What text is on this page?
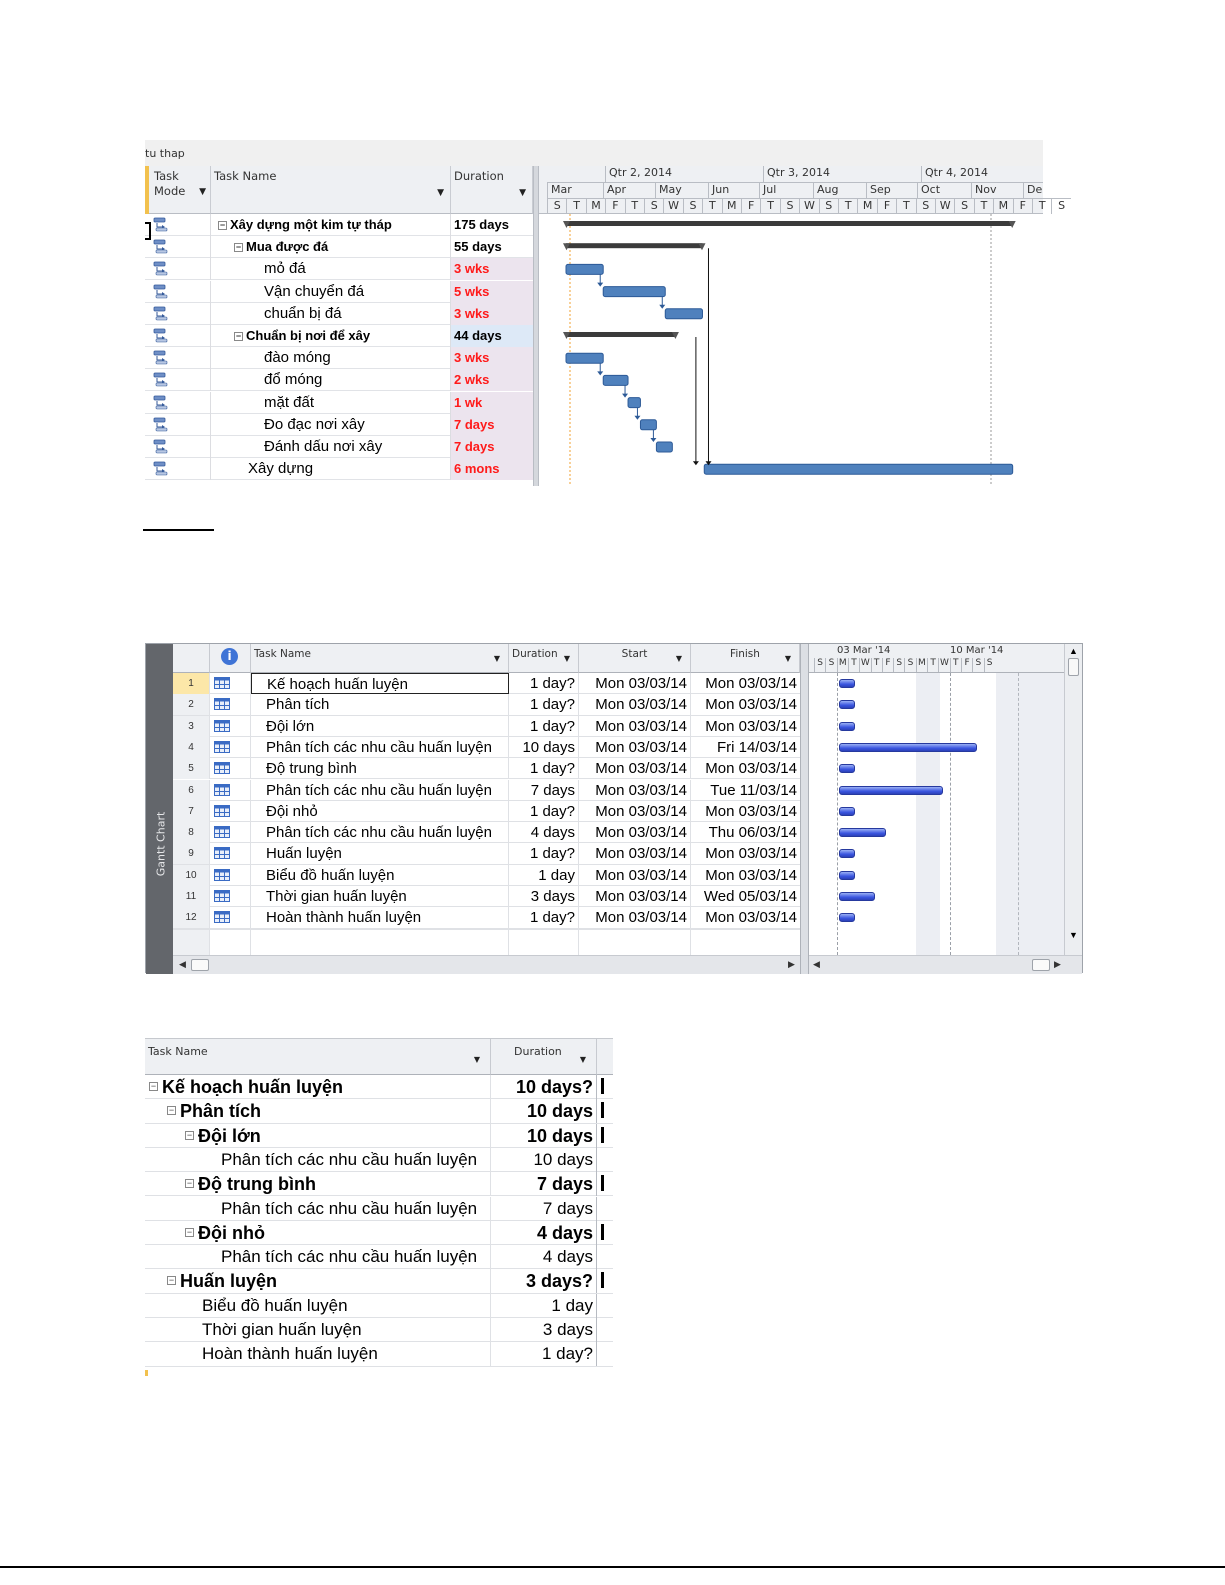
tu thap
Task Mode	▼
Task Name
▼
Duration
▼
− Xây dựng một kim tự tháp	175 days
− Mua được đá	55 days
mỏ đá	3 wks
Vận chuyển đá	5 wks
chuẩn bị đá	3 wks
− Chuẩn bị nơi để xây	44 days
đào móng	3 wks
đổ móng	2 wks
mặt đất	1 wk
Đo đạc nơi xây	7 days
Đánh dấu nơi xây	7 days
Xây dựng	6 mons
Qtr 2, 2014	Qtr 3, 2014	Qtr 4, 2014
Mar	Apr	May	Jun	Jul	Aug	Sep	Oct	Nov	De
S	T	M	F	T	S W S	T	M	F	T	S W S	T	M	F	T	S W S	T	M	F	T	S
Gantt Chart
i	Task Name	▼ Duration ▼	Start	▼	Finish	▼
1	Kế hoạch huấn luyện	1 day?	Mon 03/03/14	Mon 03/03/14
2	Phân tích	1 day?	Mon 03/03/14	Mon 03/03/14
3	Đội lớn	1 day?	Mon 03/03/14	Mon 03/03/14
4	Phân tích các nhu cầu huấn luyện	10 days	Mon 03/03/14	Fri 14/03/14
5	Độ trung bình	1 day?	Mon 03/03/14	Mon 03/03/14
6	Phân tích các nhu cầu huấn luyện	7 days	Mon 03/03/14	Tue 11/03/14
7	Đội nhỏ	1 day?	Mon 03/03/14	Mon 03/03/14
8	Phân tích các nhu cầu huấn luyện	4 days	Mon 03/03/14	Thu 06/03/14
9	Huấn luyện	1 day?	Mon 03/03/14	Mon 03/03/14
10	Biểu đồ huấn luyện	1 day	Mon 03/03/14	Mon 03/03/14
11	Thời gian huấn luyện	3 days	Mon 03/03/14	Wed 05/03/14
12	Hoàn thành huấn luyện	1 day?	Mon 03/03/14	Mon 03/03/14
03 Mar '14	10 Mar '14
S S M T W T F S S M T W T F S S
▲
▼
◀	▶ ◀	▶
Task Name
▼
Duration
▼
− Kế hoạch huấn luyện	10 days?
− Phân tích	10 days
− Đội lớn	10 days
Phân tích các nhu cầu huấn luyện	10 days
− Độ trung bình	7 days
Phân tích các nhu cầu huấn luyện	7 days
− Đội nhỏ	4 days
Phân tích các nhu cầu huấn luyện	4 days
− Huấn luyện	3 days?
Biểu đồ huấn luyện	1 day
Thời gian huấn luyện	3 days
Hoàn thành huấn luyện	1 day?
